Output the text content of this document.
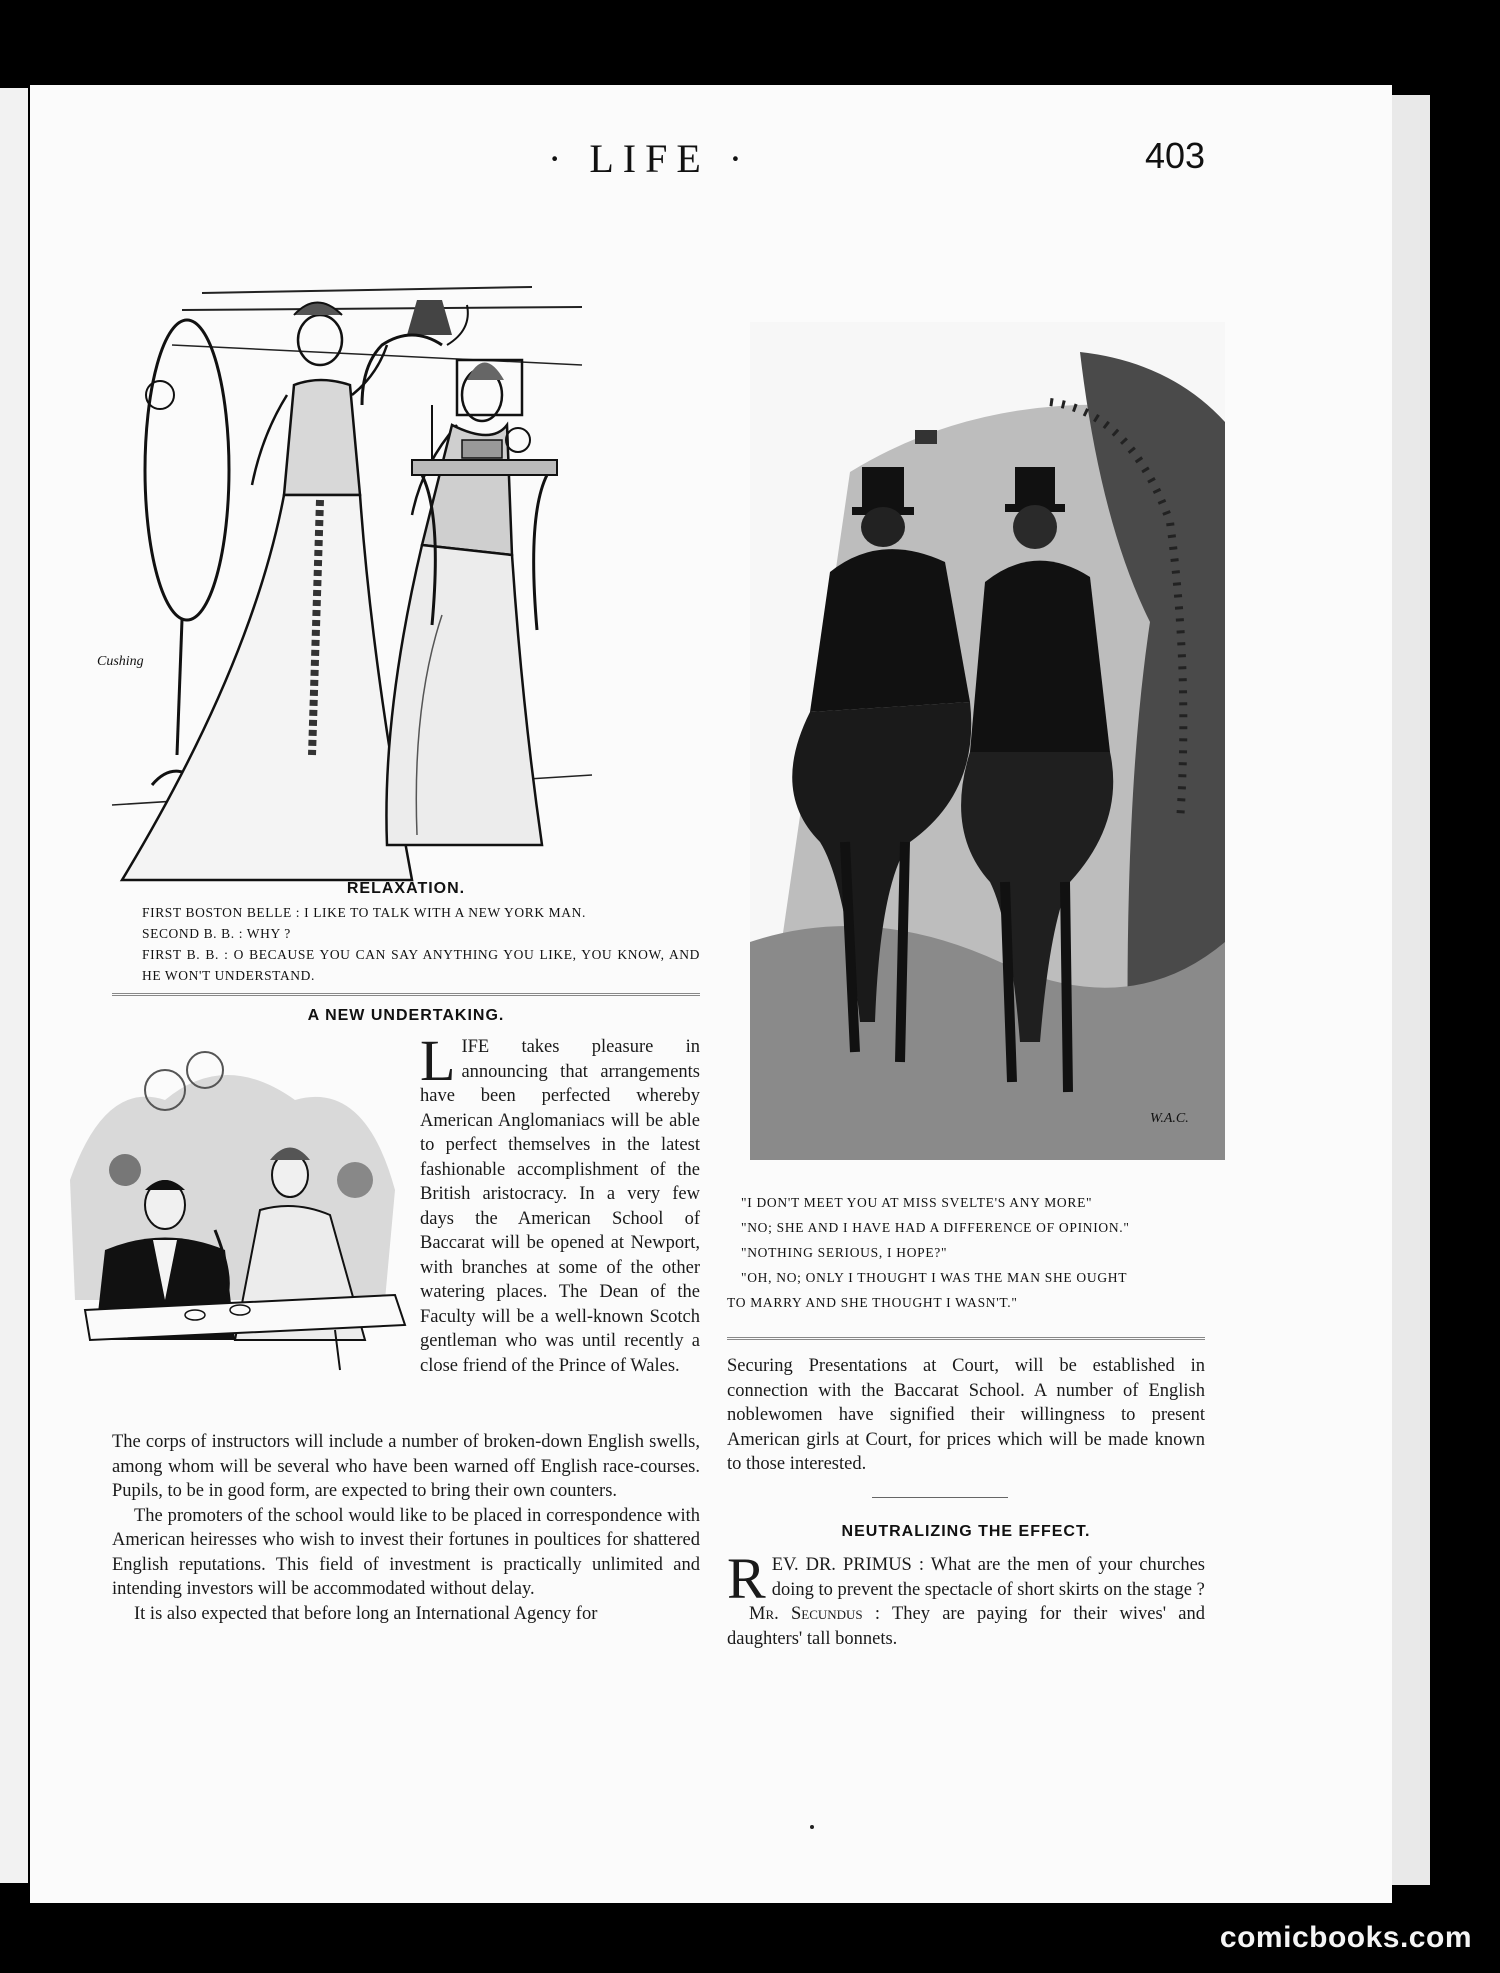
· LIFE ·	403
Cushing
W.A.C.
RELAXATION.
FIRST BOSTON BELLE : I LIKE TO TALK WITH A NEW YORK MAN.
SECOND B. B. : WHY ?
FIRST B. B. : O BECAUSE YOU CAN SAY ANYTHING YOU LIKE, YOU KNOW, AND HE WON'T UNDERSTAND.
A NEW UNDERTAKING.

LIFE takes pleasure in announcing that arrangements have been perfected whereby American Anglomaniacs will be able to perfect themselves in the latest fashionable accomplishment of the British aristocracy. In a very few days the American School of Baccarat will be opened at Newport, with branches at some of the other watering places. The Dean of the Faculty will be a well-known Scotch gentleman who was until recently a close friend of the Prince of Wales.

The corps of instructors will include a number of broken-down English swells, among whom will be several who have been warned off English race-courses. Pupils, to be in good form, are expected to bring their own counters.

The promoters of the school would like to be placed in correspondence with American heiresses who wish to invest their fortunes in poultices for shattered English reputations. This field of investment is practically unlimited and intending investors will be accommodated without delay.

It is also expected that before long an International Agency for

"I DON'T MEET YOU AT MISS SVELTE'S ANY MORE"
"NO; SHE AND I HAVE HAD A DIFFERENCE OF OPINION."
"NOTHING SERIOUS, I HOPE?"
"OH, NO; ONLY I THOUGHT I WAS THE MAN SHE OUGHT
TO MARRY AND SHE THOUGHT I WASN'T."

Securing Presentations at Court, will be established in connection with the Baccarat School. A number of English noblewomen have signified their willingness to present American girls at Court, for prices which will be made known to those interested.

NEUTRALIZING THE EFFECT.

REV. DR. PRIMUS : What are the men of your churches doing to prevent the spectacle of short skirts on the stage ?

Mr. Secundus : They are paying for their wives' and daughters' tall bonnets.

comicbooks.com
